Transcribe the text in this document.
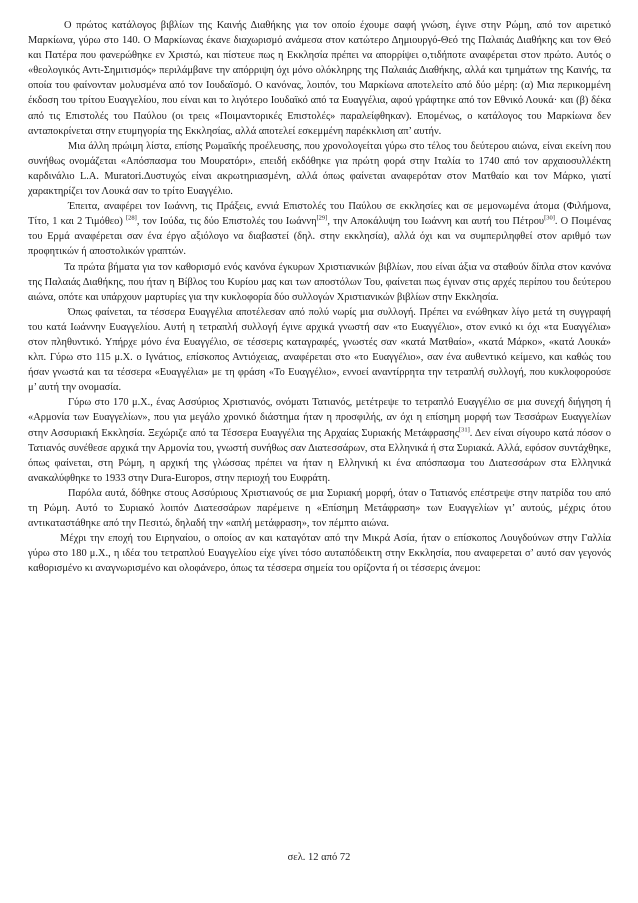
Ο πρώτος κατάλογος βιβλίων της Καινής Διαθήκης για τον οποίο έχουμε σαφή γνώση, έγινε στην Ρώμη, από τον αιρετικό Μαρκίωνα, γύρω στο 140. Ο Μαρκίωνας έκανε διαχωρισμό ανάμεσα στον κατώτερο Δημιουργό-Θεό της Παλαιάς Διαθήκης και τον Θεό και Πατέρα που φανερώθηκε εν Χριστώ, και πίστευε πως η Εκκλησία πρέπει να απορρίψει ο,τιδήποτε αναφέρεται στον πρώτο. Αυτός ο «θεολογικός Αντι-Σημιτισμός» περιλάμβανε την απόρριψη όχι μόνο ολόκληρης της Παλαιάς Διαθήκης, αλλά και τμημάτων της Καινής, τα οποία του φαίνονταν μολυσμένα από τον Ιουδαϊσμό. Ο κανόνας, λοιπόν, του Μαρκίωνα αποτελείτο από δύο μέρη: (α) Μια περικομμένη έκδοση του τρίτου Ευαγγελίου, που είναι και το λιγότερο Ιουδαϊκό από τα Ευαγγέλια, αφού γράφτηκε από τον Εθνικό Λουκά· και (β) δέκα από τις Επιστολές του Παύλου (οι τρεις «Ποιμαντορικές Επιστολές» παραλείφθηκαν). Επομένως, ο κατάλογος του Μαρκίωνα δεν ανταποκρίνεται στην ετυμηγορία της Εκκλησίας, αλλά αποτελεί εσκεμμένη παρέκκλιση απ’ αυτήν.

Μια άλλη πρώιμη λίστα, επίσης Ρωμαϊκής προέλευσης, που χρονολογείται γύρω στο τέλος του δεύτερου αιώνα, είναι εκείνη που συνήθως ονομάζεται «Απόσπασμα του Μουρατόρι», επειδή εκδόθηκε για πρώτη φορά στην Ιταλία το 1740 από τον αρχαιοσυλλέκτη καρδινάλιο L.A. Muratori.Δυστυχώς είναι ακρωτηριασμένη, αλλά όπως φαίνεται αναφερόταν στον Ματθαίο και τον Μάρκο, γιατί χαρακτηρίζει τον Λουκά σαν το τρίτο Ευαγγέλιο.

Έπειτα, αναφέρει τον Ιωάννη, τις Πράξεις, εννιά Επιστολές του Παύλου σε εκκλησίες και σε μεμονωμένα άτομα (Φιλήμονα, Τίτο, 1 και 2 Τιμόθεο) [28], τον Ιούδα, τις δύο Επιστολές του Ιωάννη[29], την Αποκάλυψη του Ιωάννη και αυτή του Πέτρου[30]. Ο Ποιμένας του Ερμά αναφέρεται σαν ένα έργο αξιόλογο να διαβαστεί (δηλ. στην εκκλησία), αλλά όχι και να συμπεριληφθεί στον αριθμό των προφητικών ή αποστολικών γραπτών.

Τα πρώτα βήματα για τον καθορισμό ενός κανόνα έγκυρων Χριστιανικών βιβλίων, που είναι άξια να σταθούν δίπλα στον κανόνα της Παλαιάς Διαθήκης, που ήταν η Βίβλος του Κυρίου μας και των αποστόλων Του, φαίνεται πως έγιναν στις αρχές περίπου του δεύτερου αιώνα, οπότε και υπάρχουν μαρτυρίες για την κυκλοφορία δύο συλλογών Χριστιανικών βιβλίων στην Εκκλησία.

Όπως φαίνεται, τα τέσσερα Ευαγγέλια αποτέλεσαν από πολύ νωρίς μια συλλογή. Πρέπει να ενώθηκαν λίγο μετά τη συγγραφή του κατά Ιωάννην Ευαγγελίου. Αυτή η τετραπλή συλλογή έγινε αρχικά γνωστή σαν «το Ευαγγέλιο», στον ενικό κι όχι «τα Ευαγγέλια» στον πληθυντικό. Υπήρχε μόνο ένα Ευαγγέλιο, σε τέσσερις καταγραφές, γνωστές σαν «κατά Ματθαίο», «κατά Μάρκο», «κατά Λουκά» κλπ. Γύρω στο 115 μ.Χ. ο Ιγνάτιος, επίσκοπος Αντιόχειας, αναφέρεται στο «το Ευαγγέλιο», σαν ένα αυθεντικό κείμενο, και καθώς του ήσαν γνωστά και τα τέσσερα «Ευαγγέλια» με τη φράση «Το Ευαγγέλιο», εννοεί αναντίρρητα την τετραπλή συλλογή, που κυκλοφορούσε μ’ αυτή την ονομασία.

Γύρω στο 170 μ.Χ., ένας Ασσύριος Χριστιανός, ονόματι Τατιανός, μετέτρεψε το τετραπλό Ευαγγέλιο σε μια συνεχή διήγηση ή «Αρμονία των Ευαγγελίων», που για μεγάλο χρονικό διάστημα ήταν η προσφιλής, αν όχι η επίσημη μορφή των Τεσσάρων Ευαγγελίων στην Ασσυριακή Εκκλησία. Ξεχώριζε από τα Τέσσερα Ευαγγέλια της Αρχαίας Συριακής Μετάφρασης[31]. Δεν είναι σίγουρο κατά πόσον ο Τατιανός συνέθεσε αρχικά την Αρμονία του, γνωστή συνήθως σαν Διατεσσάρων, στα Ελληνικά ή στα Συριακά. Αλλά, εφόσον συντάχθηκε, όπως φαίνεται, στη Ρώμη, η αρχική της γλώσσας πρέπει να ήταν η Ελληνική κι ένα απόσπασμα του Διατεσσάρων στα Ελληνικά ανακαλύφθηκε το 1933 στην Dura-Europos, στην περιοχή του Ευφράτη.

Παρόλα αυτά, δόθηκε στους Ασσύριους Χριστιανούς σε μια Συριακή μορφή, όταν ο Τατιανός επέστρεψε στην πατρίδα του από τη Ρώμη. Αυτό το Συριακό λοιπόν Διατεσσάρων παρέμεινε η «Επίσημη Μετάφραση» των Ευαγγελίων γι’ αυτούς, μέχρις ότου αντικαταστάθηκε από την Πεσιτώ, δηλαδή την «απλή μετάφραση», τον πέμπτο αιώνα.

Μέχρι την εποχή του Ειρηναίου, ο οποίος αν και καταγόταν από την Μικρά Ασία, ήταν ο επίσκοπος Λουγδούνων στην Γαλλία γύρω στο 180 μ.Χ., η ιδέα του τετραπλού Ευαγγελίου είχε γίνει τόσο αυταπόδεικτη στην Εκκλησία, που αναφερεται σ’ αυτό σαν γεγονός καθορισμένο κι αναγνωρισμένο και ολοφάνερο, όπως τα τέσσερα σημεία του ορίζοντα ή οι τέσσερις άνεμοι:

σελ. 12 από 72
